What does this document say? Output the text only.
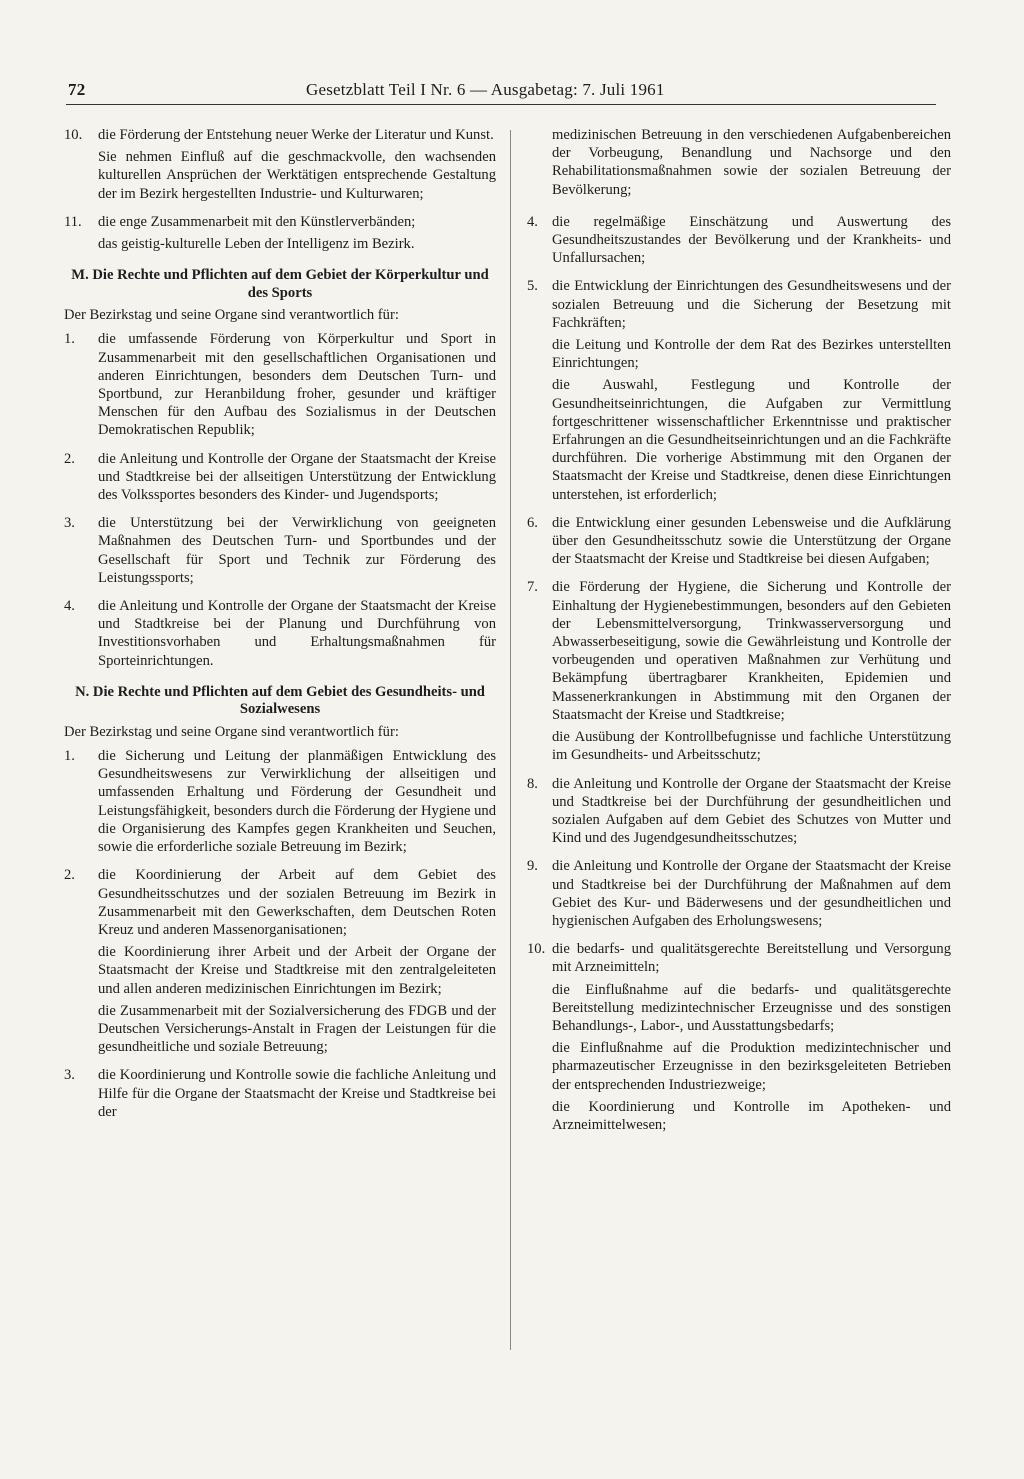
72	Gesetzblatt Teil I Nr. 6 — Ausgabetag: 7. Juli 1961
10. die Förderung der Entstehung neuer Werke der Literatur und Kunst.
Sie nehmen Einfluß auf die geschmackvolle, den wachsenden kulturellen Ansprüchen der Werktätigen entsprechende Gestaltung der im Bezirk hergestellten Industrie- und Kulturwaren;
11. die enge Zusammenarbeit mit den Künstlerverbänden;
das geistig-kulturelle Leben der Intelligenz im Bezirk.
M. Die Rechte und Pflichten auf dem Gebiet der Körperkultur und des Sports
Der Bezirkstag und seine Organe sind verantwortlich für:
1. die umfassende Förderung von Körperkultur und Sport in Zusammenarbeit mit den gesellschaftlichen Organisationen und anderen Einrichtungen, besonders dem Deutschen Turn- und Sportbund, zur Heranbildung froher, gesunder und kräftiger Menschen für den Aufbau des Sozialismus in der Deutschen Demokratischen Republik;
2. die Anleitung und Kontrolle der Organe der Staatsmacht der Kreise und Stadtkreise bei der allseitigen Unterstützung der Entwicklung des Volkssportes besonders des Kinder- und Jugendsports;
3. die Unterstützung bei der Verwirklichung von geeigneten Maßnahmen des Deutschen Turn- und Sportbundes und der Gesellschaft für Sport und Technik zur Förderung des Leistungssports;
4. die Anleitung und Kontrolle der Organe der Staatsmacht der Kreise und Stadtkreise bei der Planung und Durchführung von Investitionsvorhaben und Erhaltungsmaßnahmen für Sporteinrichtungen.
N. Die Rechte und Pflichten auf dem Gebiet des Gesundheits- und Sozialwesens
Der Bezirkstag und seine Organe sind verantwortlich für:
1. die Sicherung und Leitung der planmäßigen Entwicklung des Gesundheitswesens zur Verwirklichung der allseitigen und umfassenden Erhaltung und Förderung der Gesundheit und Leistungsfähigkeit, besonders durch die Förderung der Hygiene und die Organisierung des Kampfes gegen Krankheiten und Seuchen, sowie die erforderliche soziale Betreuung im Bezirk;
2. die Koordinierung der Arbeit auf dem Gebiet des Gesundheitsschutzes und der sozialen Betreuung im Bezirk in Zusammenarbeit mit den Gewerkschaften, dem Deutschen Roten Kreuz und anderen Massenorganisationen;
die Koordinierung ihrer Arbeit und der Arbeit der Organe der Staatsmacht der Kreise und Stadtkreise mit den zentralgeleiteten und allen anderen medizinischen Einrichtungen im Bezirk;
die Zusammenarbeit mit der Sozialversicherung des FDGB und der Deutschen Versicherungs-Anstalt in Fragen der Leistungen für die gesundheitliche und soziale Betreuung;
3. die Koordinierung und Kontrolle sowie die fachliche Anleitung und Hilfe für die Organe der Staatsmacht der Kreise und Stadtkreise bei der
medizinischen Betreuung in den verschiedenen Aufgabenbereichen der Vorbeugung, Benandlung und Nachsorge und den Rehabilitationsmaßnahmen sowie der sozialen Betreuung der Bevölkerung;
4. die regelmäßige Einschätzung und Auswertung des Gesundheitszustandes der Bevölkerung und der Krankheits- und Unfallursachen;
5. die Entwicklung der Einrichtungen des Gesundheitswesens und der sozialen Betreuung und die Sicherung der Besetzung mit Fachkräften;
die Leitung und Kontrolle der dem Rat des Bezirkes unterstellten Einrichtungen;
die Auswahl, Festlegung und Kontrolle der Gesundheitseinrichtungen, die Aufgaben zur Vermittlung fortgeschrittener wissenschaftlicher Erkenntnisse und praktischer Erfahrungen an die Gesundheitseinrichtungen und an die Fachkräfte durchführen. Die vorherige Abstimmung mit den Organen der Staatsmacht der Kreise und Stadtkreise, denen diese Einrichtungen unterstehen, ist erforderlich;
6. die Entwicklung einer gesunden Lebensweise und die Aufklärung über den Gesundheitsschutz sowie die Unterstützung der Organe der Staatsmacht der Kreise und Stadtkreise bei diesen Aufgaben;
7. die Förderung der Hygiene, die Sicherung und Kontrolle der Einhaltung der Hygienebestimmungen, besonders auf den Gebieten der Lebensmittelversorgung, Trinkwasserversorgung und Abwasserbeseitigung, sowie die Gewährleistung und Kontrolle der vorbeugenden und operativen Maßnahmen zur Verhütung und Bekämpfung übertragbarer Krankheiten, Epidemien und Massenerkrankungen in Abstimmung mit den Organen der Staatsmacht der Kreise und Stadtkreise;
die Ausübung der Kontrollbefugnisse und fachliche Unterstützung im Gesundheits- und Arbeitsschutz;
8. die Anleitung und Kontrolle der Organe der Staatsmacht der Kreise und Stadtkreise bei der Durchführung der gesundheitlichen und sozialen Aufgaben auf dem Gebiet des Schutzes von Mutter und Kind und des Jugendgesundheitsschutzes;
9. die Anleitung und Kontrolle der Organe der Staatsmacht der Kreise und Stadtkreise bei der Durchführung der Maßnahmen auf dem Gebiet des Kur- und Bäderwesens und der gesundheitlichen und hygienischen Aufgaben des Erholungswesens;
10. die bedarfs- und qualitätsgerechte Bereitstellung und Versorgung mit Arzneimitteln;
die Einflußnahme auf die bedarfs- und qualitätsgerechte Bereitstellung medizintechnischer Erzeugnisse und des sonstigen Behandlungs-, Labor-, und Ausstattungsbedarfs;
die Einflußnahme auf die Produktion medizintechnischer und pharmazeutischer Erzeugnisse in den bezirksgeleiteten Betrieben der entsprechenden Industriezweige;
die Koordinierung und Kontrolle im Apotheken- und Arzneimittelwesen;
